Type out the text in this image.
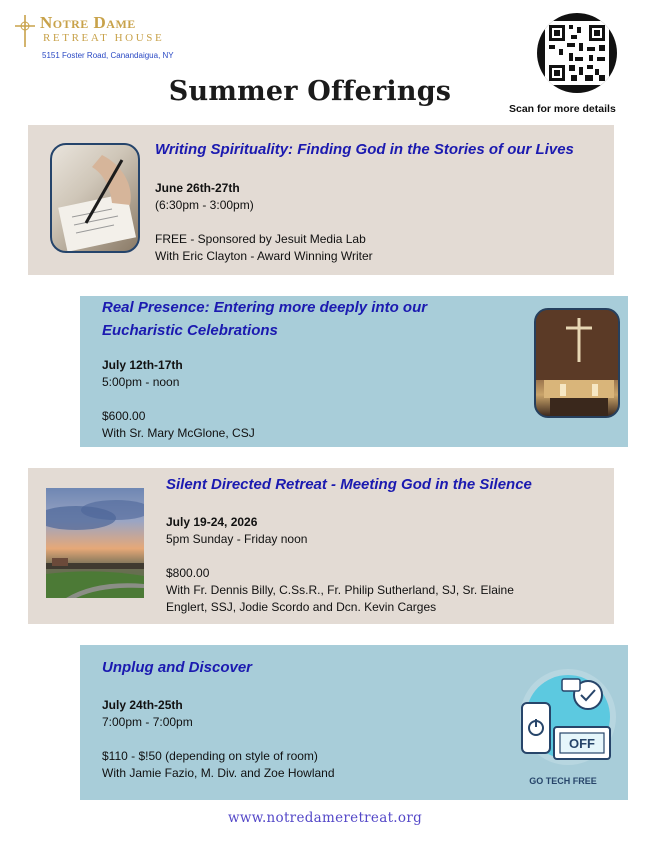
Notre Dame
RETREAT HOUSE
5151 Foster Road, Canandaigua, NY
Scan for more details
Summer Offerings
Writing Spirituality: Finding God in the Stories of our Lives
June 26th-27th
(6:30pm - 3:00pm)
FREE - Sponsored by Jesuit Media Lab
With Eric Clayton - Award Winning Writer
Real Presence: Entering more deeply into our
Eucharistic Celebrations
July 12th-17th
5:00pm - noon
$600.00
With Sr. Mary McGlone, CSJ
Silent Directed Retreat - Meeting God in the Silence
July 19-24, 2026
5pm Sunday - Friday noon
$800.00
With Fr. Dennis Billy, C.Ss.R., Fr. Philip Sutherland, SJ, Sr. Elaine
Englert, SSJ, Jodie Scordo and Dcn. Kevin Carges
Unplug and Discover
July 24th-25th
7:00pm - 7:00pm
$110 - $!50 (depending on style of room)
With Jamie Fazio, M. Div. and Zoe Howland
OFF
GO TECH FREE
www.notredameretreat.org
